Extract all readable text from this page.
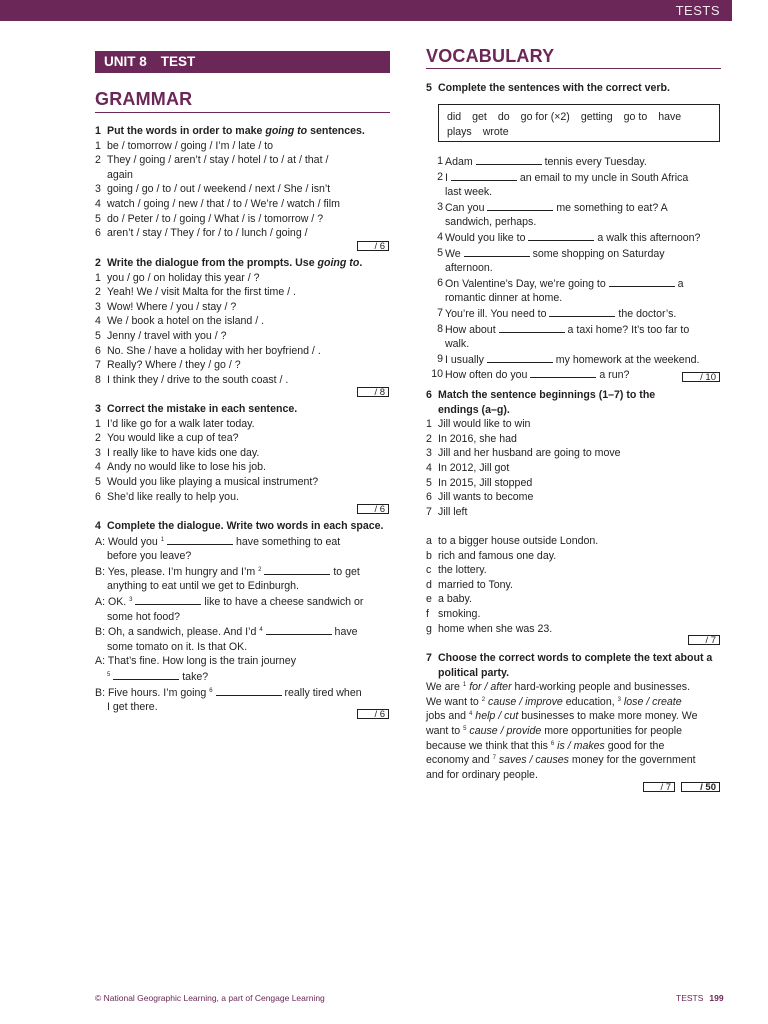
TESTS
UNIT 8 TEST
GRAMMAR
1 Put the words in order to make going to sentences.
1 be / tomorrow / going / I’m / late / to
2 They / going / aren’t / stay / hotel / to / at / that /
again
3 going / go / to / out / weekend / next / She / isn’t
4 watch / going / new / that / to / We’re / watch / film
5 do / Peter / to / going / What / is / tomorrow / ?
6 aren’t / stay / They / for / to / lunch / going /
/ 6
2 Write the dialogue from the prompts. Use going to.
1 you / go / on holiday this year / ?
2 Yeah! We / visit Malta for the first time / .
3 Wow! Where / you / stay / ?
4 We / book a hotel on the island / .
5 Jenny / travel with you / ?
6 No. She / have a holiday with her boyfriend / .
7 Really? Where / they / go / ?
8 I think they / drive to the south coast / .
/ 8
3 Correct the mistake in each sentence.
1 I’d like go for a walk later today.
2 You would like a cup of tea?
3 I really like to have kids one day.
4 Andy no would like to lose his job.
5 Would you like playing a musical instrument?
6 She’d like really to help you.
/ 6
4 Complete the dialogue. Write two words in each space.
A: Would you $^1$	have something to eat
before you leave?
B: Yes, please. I’m hungry and I’m $^2$	to get
anything to eat until we get to Edinburgh.
A: OK. $^3$	like to have a cheese sandwich or
some hot food?
B: Oh, a sandwich, please. And I’d $^4$	have
some tomato on it. Is that OK.
A: That’s fine. How long is the train journey
$^5$	take?
B: Five hours. I’m going $^6$	really tired when
I get there.
/ 6
VOCABULARY
5 Complete the sentences with the correct verb.
did get do go for (×2) getting go to have
plays wrote
1 Adam	tennis every Tuesday.
2 I	an email to my uncle in South Africa
last week.
3 Can you	me something to eat? A
sandwich, perhaps.
4 Would you like to	a walk this afternoon?
5 We	some shopping on Saturday
afternoon.
6 On Valentine’s Day, we’re going to	a
romantic dinner at home.
7 You’re ill. You need to	the doctor’s.
8 How about	a taxi home? It’s too far to
walk.
9 I usually	my homework at the weekend.
10 How often do you	a run?	/ 10
6 Match the sentence beginnings (1–7) to the
endings (a–g).
1 Jill would like to win
2 In 2016, she had
3 Jill and her husband are going to move
4 In 2012, Jill got
5 In 2015, Jill stopped
6 Jill wants to become
7 Jill left
a to a bigger house outside London.
b rich and famous one day.
c the lottery.
d married to Tony.
e a baby.
f smoking.
g home when she was 23.
/ 7
7 Choose the correct words to complete the text about a
political party.
We are $^1$ for / after hard-working people and businesses.
We want to $^2$ cause / improve education, $^3$ lose / create
jobs and $^4$ help / cut businesses to make more money. We
want to $^5$ cause / provide more opportunities for people
because we think that this $^6$ is / makes good for the
economy and $^7$ saves / causes money for the government
and for ordinary people.
/ 7	/ 50
© National Geographic Learning, a part of Cengage Learning	TESTS 199
